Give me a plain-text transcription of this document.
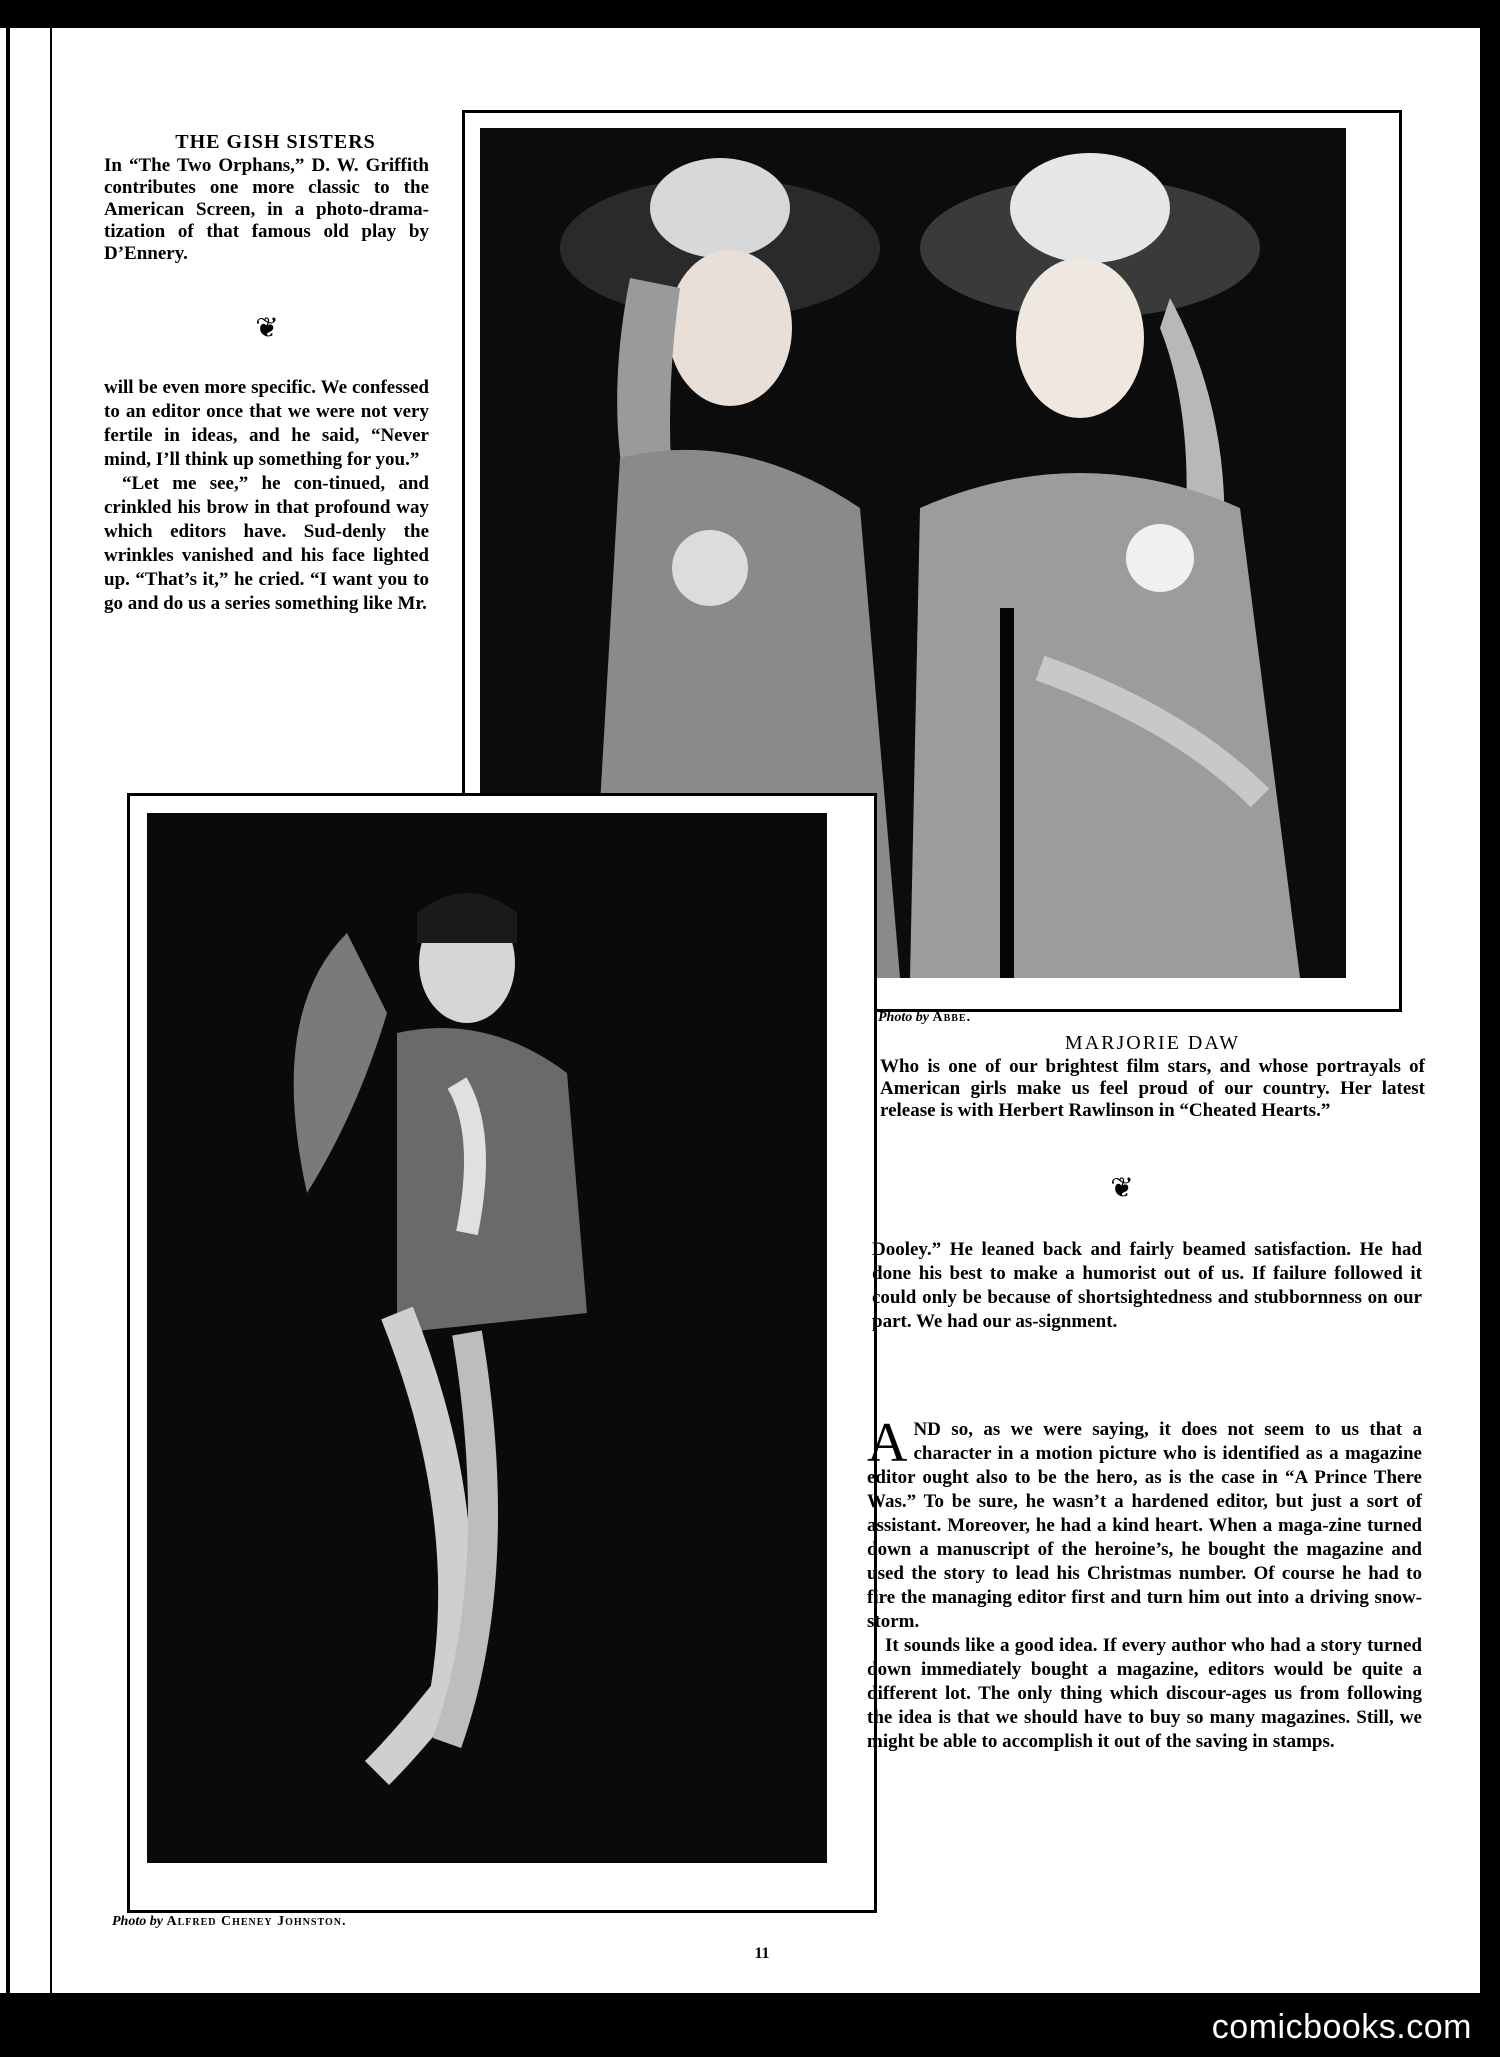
THE GISH SISTERS
In “The Two Orphans,” D. W. Griffith contributes one more classic to the American Screen, in a photo-drama-tization of that famous old play by D’Ennery.
❦

will be even more specific. We confessed to an editor once that we were not very fertile in ideas, and he said, “Never mind, I’ll think up something for you.”

“Let me see,” he con-tinued, and crinkled his brow in that profound way which editors have. Sud-denly the wrinkles vanished and his face lighted up. “That’s it,” he cried. “I want you to go and do us a series something like Mr.

Photo by Abbe.
MARJORIE DAW
Who is one of our brightest film stars, and whose portrayals of American girls make us feel proud of our country. Her latest release is with Herbert Rawlinson in “Cheated Hearts.”
❦

Dooley.” He leaned back and fairly beamed satisfaction. He had done his best to make a humorist out of us. If failure followed it could only be because of shortsightedness and stubbornness on our part. We had our as-signment.

AND so, as we were saying, it does not seem to us that a character in a motion picture who is identified as a magazine editor ought also to be the hero, as is the case in “A Prince There Was.” To be sure, he wasn’t a hardened editor, but just a sort of assistant. Moreover, he had a kind heart. When a maga-zine turned down a manuscript of the heroine’s, he bought the magazine and used the story to lead his Christmas number. Of course he had to fire the managing editor first and turn him out into a driving snow-storm.

It sounds like a good idea. If every author who had a story turned down immediately bought a magazine, editors would be quite a different lot. The only thing which discour-ages us from following the idea is that we should have to buy so many magazines. Still, we might be able to accomplish it out of the saving in stamps.

Photo by Alfred Cheney Johnston.
11
comicbooks.com
